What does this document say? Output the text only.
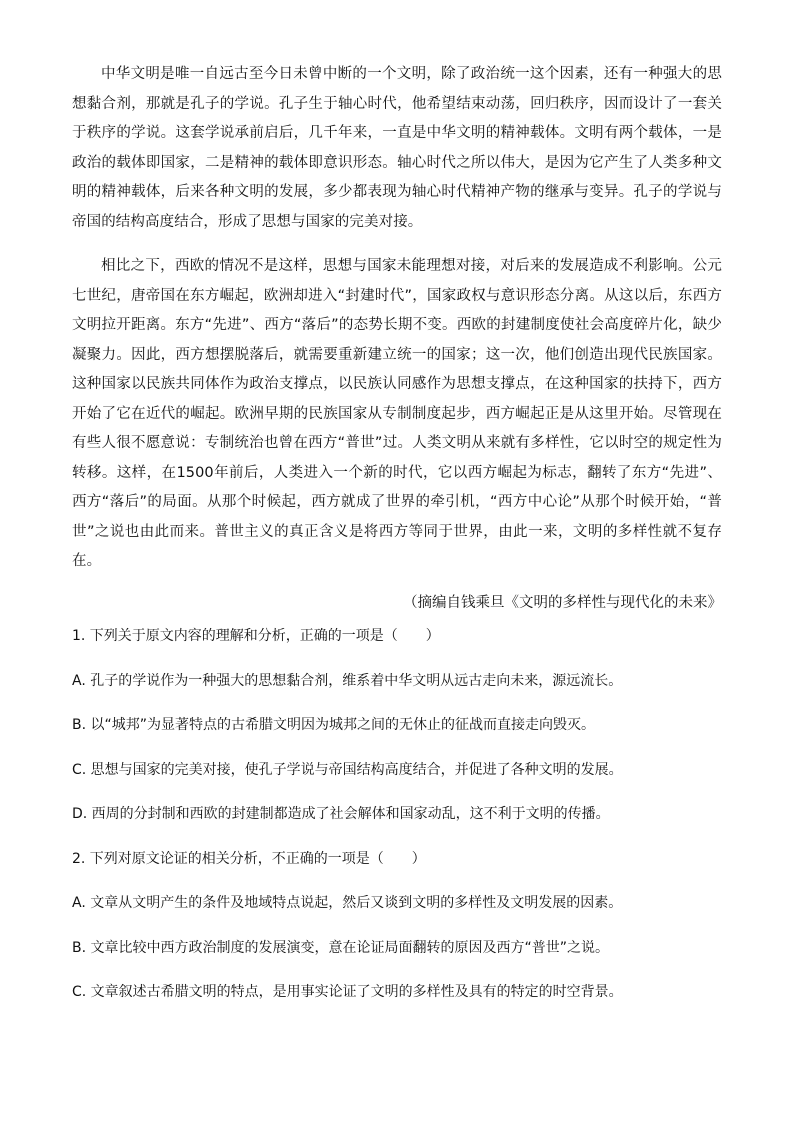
中华文明是唯一自远古至今日未曾中断的一个文明，除了政治统一这个因素，还有一种强大的思想黏合剂，那就是孔子的学说。孔子生于轴心时代，他希望结束动荡，回归秩序，因而设计了一套关于秩序的学说。这套学说承前启后，几千年来，一直是中华文明的精神载体。文明有两个载体，一是政治的载体即国家，二是精神的载体即意识形态。轴心时代之所以伟大，是因为它产生了人类多种文明的精神载体，后来各种文明的发展，多少都表现为轴心时代精神产物的继承与变异。孔子的学说与帝国的结构高度结合，形成了思想与国家的完美对接。

相比之下，西欧的情况不是这样，思想与国家未能理想对接，对后来的发展造成不利影响。公元七世纪，唐帝国在东方崛起，欧洲却进入“封建时代”，国家政权与意识形态分离。从这以后，东西方文明拉开距离。东方“先进”、西方“落后”的态势长期不变。西欧的封建制度使社会高度碎片化，缺少凝聚力。因此，西方想摆脱落后，就需要重新建立统一的国家；这一次，他们创造出现代民族国家。这种国家以民族共同体作为政治支撑点，以民族认同感作为思想支撑点，在这种国家的扶持下，西方开始了它在近代的崛起。欧洲早期的民族国家从专制制度起步，西方崛起正是从这里开始。尽管现在有些人很不愿意说：专制统治也曾在西方“普世”过。人类文明从来就有多样性，它以时空的规定性为转移。这样，在1500年前后，人类进入一个新的时代，它以西方崛起为标志，翻转了东方“先进”、西方“落后”的局面。从那个时候起，西方就成了世界的牵引机，“西方中心论”从那个时候开始，“普世”之说也由此而来。普世主义的真正含义是将西方等同于世界，由此一来，文明的多样性就不复存在。

（摘编自钱乘旦《文明的多样性与现代化的未来》

1. 下列关于原文内容的理解和分析，正确的一项是（　　）

A. 孔子的学说作为一种强大的思想黏合剂，维系着中华文明从远古走向未来，源远流长。

B. 以“城邦”为显著特点的古希腊文明因为城邦之间的无休止的征战而直接走向毁灭。

C. 思想与国家的完美对接，使孔子学说与帝国结构高度结合，并促进了各种文明的发展。

D. 西周的分封制和西欧的封建制都造成了社会解体和国家动乱，这不利于文明的传播。

2. 下列对原文论证的相关分析，不正确的一项是（　　）

A. 文章从文明产生的条件及地域特点说起，然后又谈到文明的多样性及文明发展的因素。

B. 文章比较中西方政治制度的发展演变，意在论证局面翻转的原因及西方“普世”之说。

C. 文章叙述古希腊文明的特点，是用事实论证了文明的多样性及具有的特定的时空背景。
